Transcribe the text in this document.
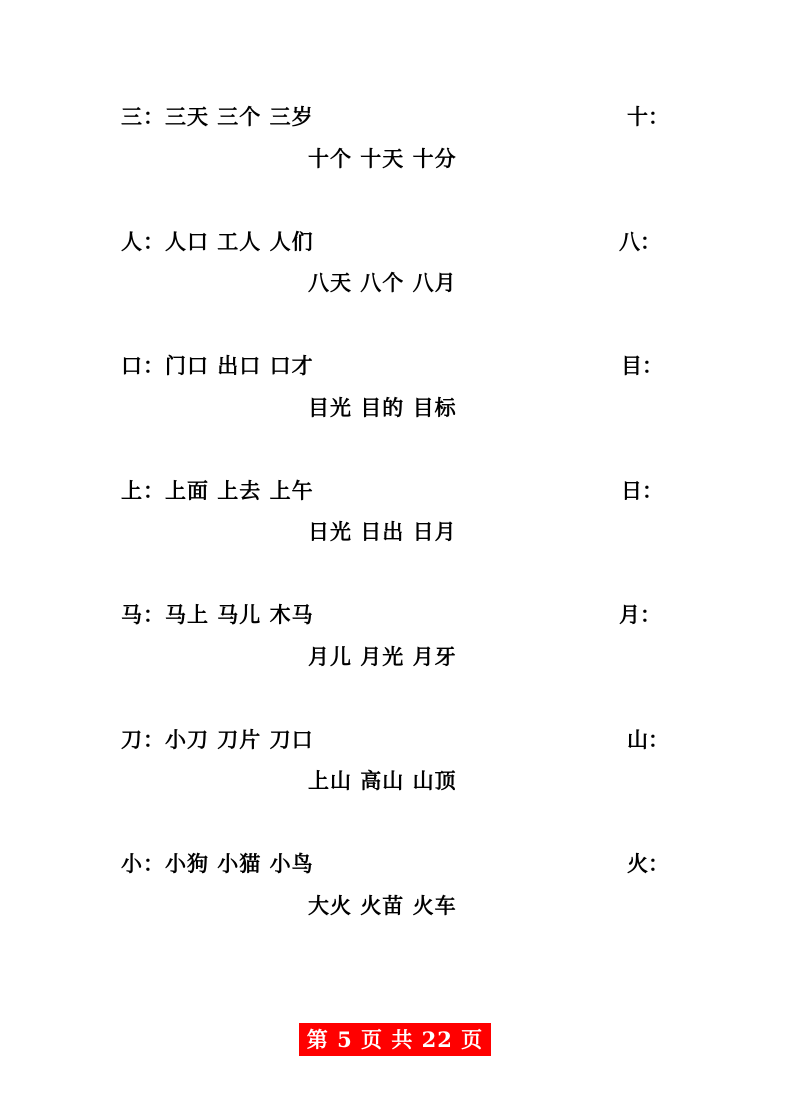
三：三天 三个 三岁	十：
十个 十天 十分
人：人口 工人 人们	八：
八天 八个 八月
口：门口 出口 口才	目：
目光 目的 目标
上：上面 上去 上午	日：
日光 日出 日月
马：马上 马儿 木马	月：
月儿 月光 月牙
刀：小刀 刀片 刀口	山：
上山 高山 山顶
小：小狗 小猫 小鸟	火：
大火 火苗 火车
第 5 页 共 22 页
